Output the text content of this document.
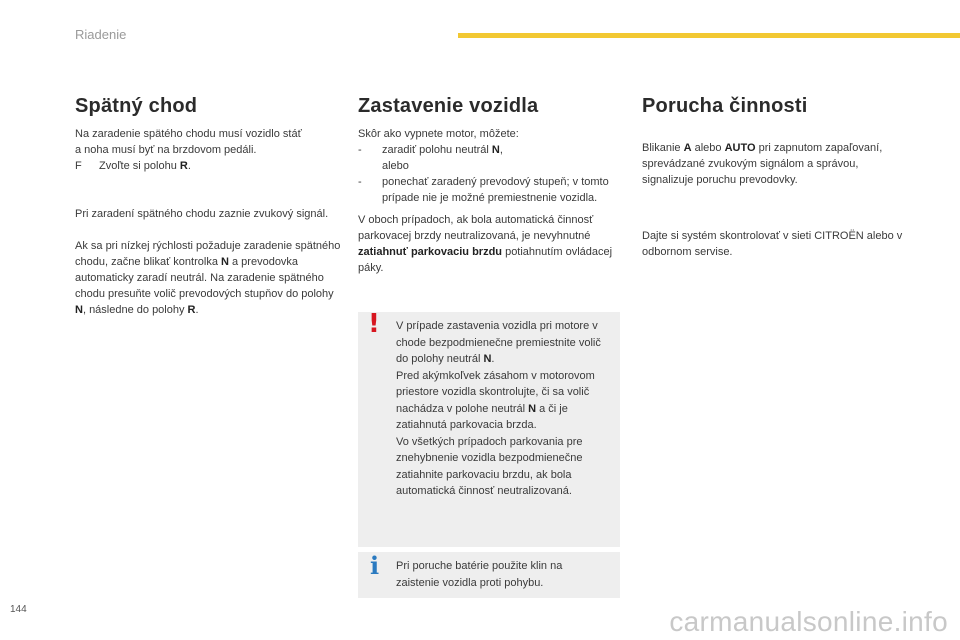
Riadenie
Spätný chod

Na zaradenie spätého chodu musí vozidlo stáť

a noha musí byť na brzdovom pedáli.

F	Zvoľte si polohu R.

Pri zaradení spätného chodu zaznie zvukový signál.

Ak sa pri nízkej rýchlosti požaduje zaradenie spätného chodu, začne blikať kontrolka N a prevodovka automaticky zaradí neutrál. Na zaradenie spätného chodu presuňte volič prevodových stupňov do polohy N, následne do polohy R.

Zastavenie vozidla

Skôr ako vypnete motor, môžete:

-	zaradiť polohu neutrál N,

alebo

-	ponechať zaradený prevodový stupeň; v tomto prípade nie je možné premiestnenie vozidla.

V oboch prípadoch, ak bola automatická činnosť parkovacej brzdy neutralizovaná, je nevyhnutné zatiahnuť parkovaciu brzdu potiahnutím ovládacej páky.

! V prípade zastavenia vozidla pri motore v chode bezpodmienečne premiestnite volič do polohy neutrál N.

Pred akýmkoľvek zásahom v motorovom priestore vozidla skontrolujte, či sa volič nachádza v polohe neutrál N a či je zatiahnutá parkovacia brzda.

Vo všetkých prípadoch parkovania pre znehybnenie vozidla bezpodmienečne zatiahnite parkovaciu brzdu, ak bola automatická činnosť neutralizovaná.

i Pri poruche batérie použite klin na zaistenie vozidla proti pohybu.

Porucha činnosti

Blikanie A alebo AUTO pri zapnutom zapaľovaní, sprevádzané zvukovým signálom a správou, signalizuje poruchu prevodovky.

Dajte si systém skontrolovať v sieti CITROËN alebo v odbornom servise.

144	carmanualsonline.info
